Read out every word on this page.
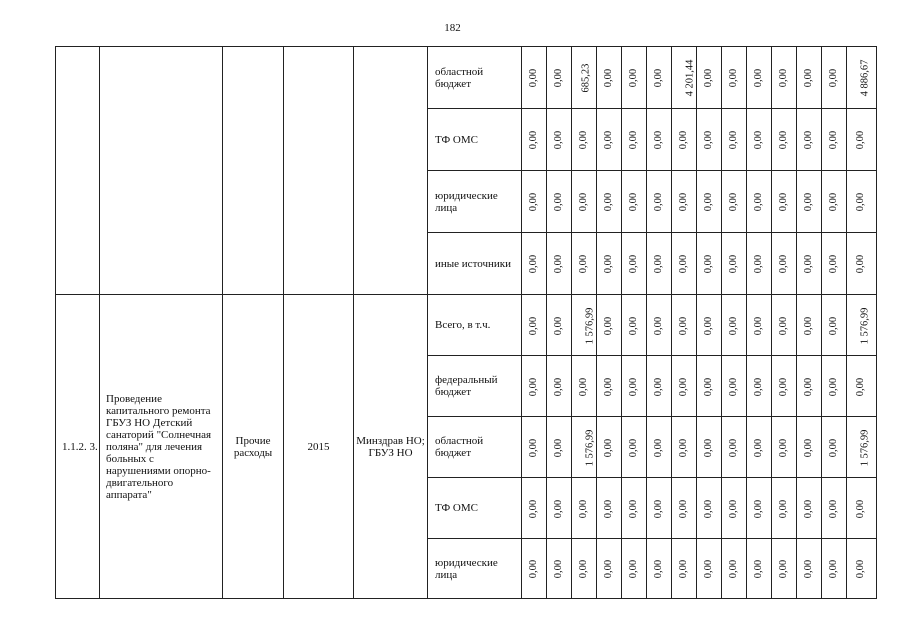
182
					областной бюджет	0,00	0,00	685,23	0,00	0,00	0,00	4 201,44	0,00	0,00	0,00	0,00	0,00	0,00	4 886,67
					ТФ ОМС	0,00	0,00	0,00	0,00	0,00	0,00	0,00	0,00	0,00	0,00	0,00	0,00	0,00	0,00
					юридические лица	0,00	0,00	0,00	0,00	0,00	0,00	0,00	0,00	0,00	0,00	0,00	0,00	0,00	0,00
					иные источники	0,00	0,00	0,00	0,00	0,00	0,00	0,00	0,00	0,00	0,00	0,00	0,00	0,00	0,00
1.1.2. 3.	Проведение капитального ремонта ГБУЗ НО Детский санаторий "Солнечная поляна" для лечения больных с нарушениями опорно-двигательного аппарата"	Прочие расходы	2015	Минздрав НО; ГБУЗ НО	Всего, в т.ч.	0,00	0,00	1 576,99	0,00	0,00	0,00	0,00	0,00	0,00	0,00	0,00	0,00	0,00	1 576,99
					федеральный бюджет	0,00	0,00	0,00	0,00	0,00	0,00	0,00	0,00	0,00	0,00	0,00	0,00	0,00	0,00
					областной бюджет	0,00	0,00	1 576,99	0,00	0,00	0,00	0,00	0,00	0,00	0,00	0,00	0,00	0,00	1 576,99
					ТФ ОМС	0,00	0,00	0,00	0,00	0,00	0,00	0,00	0,00	0,00	0,00	0,00	0,00	0,00	0,00
					юридические лица	0,00	0,00	0,00	0,00	0,00	0,00	0,00	0,00	0,00	0,00	0,00	0,00	0,00	0,00
